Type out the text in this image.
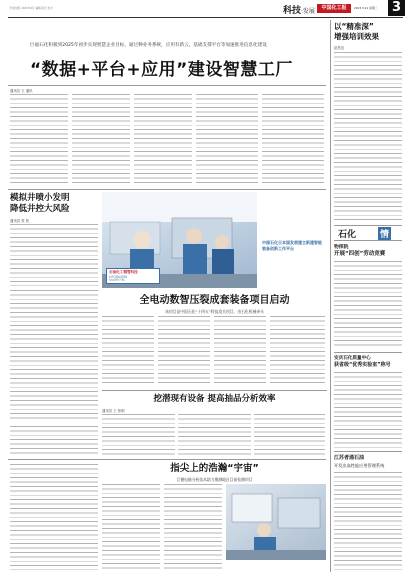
科技时报 2023年3月 编辑 版式 校对	科技·发展	中国化工报	2023.3.21 星期二	3
巨福石化积极到2025年初步实现智慧企业目标，通过种业务系统，应用有新云，基础支撑平台等加速推进信息化建设
“数据+平台+应用”建设智慧工厂
通讯员 王 通讯
模拟井喷小发明
降低井控大风险
通讯员 张 张
石油化工钢管科技
时代国际新牌
SINOPEC TEK
中国石化日本国发展建立新建智能装备创新工作平台
全电动数智压裂成套装备项目启动
该项目是中国石化“十四五”科技攻关项目，由石化机械牵头
挖潜现有设备 提高抽品分析效率
通讯员 王 张明
指尖上的浩瀚“宇宙”
巨德电脑分析技术助力勘测地区目前检测项目
以“精准深”
增强培训效果
赵昌良
石化	情
物探院
开展“四创”劳动竞赛
安庆石化质量中心
获省级“优秀实验室”称号
江苏者通石油
开发出高性能应用管理系统
